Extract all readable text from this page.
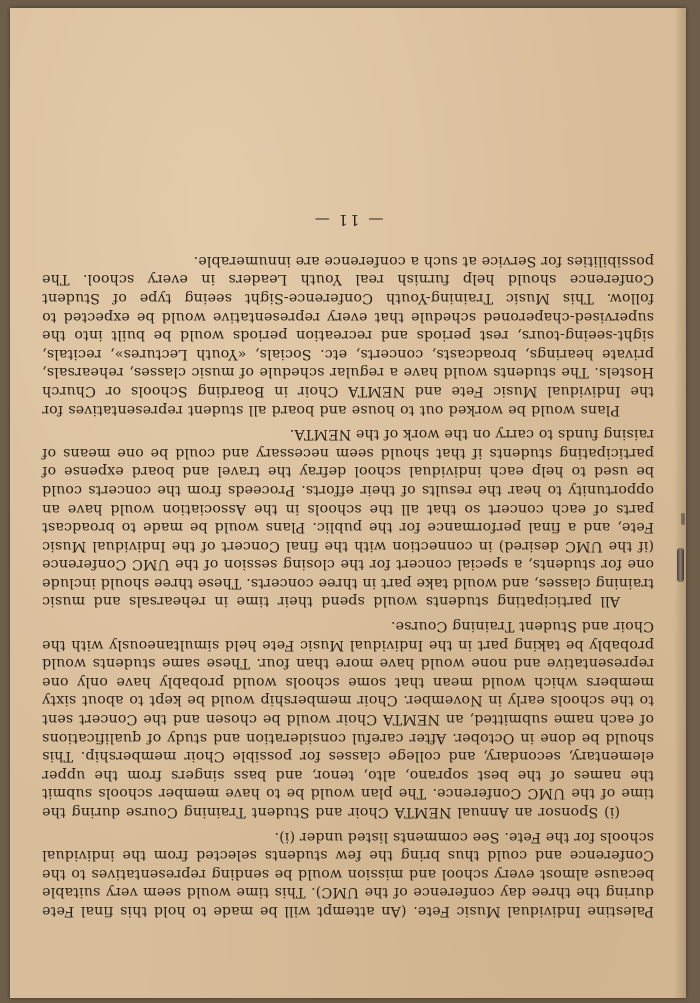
Palestine Individual Music Fete. (An attempt will be made to hold this final Fete during the three day conference of the UMC). This time would seem very suitable because almost every school and mission would be sending representatives to the Conference and could thus bring the few students selected from the individual schools for the Fete. See comments listed under (i).

(i) Sponsor an Annual NEMTA Choir and Student Training Course during the time of the UMC Conference. The plan would be to have member schools submit the names of the best soprano, alto, tenor, and bass singers from the upper elementary, secondary, and college classes for possible Choir membership. This should be done in October. After careful consideration and study of qualifications of each name submitted, an NEMTA Choir would be chosen and the Concert sent to the schools early in November. Choir membership would be kept to about sixty members which would mean that some schools would probably have only one representative and none would have more than four. These same students would probably be taking part in the Individual Music Fete held simultaneously with the Choir and Student Training Course.

All participating students would spend their time in rehearsals and music training classes, and would take part in three concerts. These three should include one for students, a special concert for the closing session of the UMC Conference (if the UMC desired) in connection with the final Concert of the Individual Music Fete, and a final performance for the public. Plans would be made to broadcast parts of each concert so that all the schools in the Association would have an opportunity to hear the results of their efforts. Proceeds from the concerts could be used to help each individual school defray the travel and board expense of participating students if that should seem necessary and could be one means of raising funds to carry on the work of the NEMTA.

Plans would be worked out to house and board all student representatives for the Individual Music Fete and NEMTA Choir in Boarding Schools or Church Hostels. The students would have a regular schedule of music classes, rehearsals, private hearings, broadcasts, concerts, etc. Socials, «Youth Lectures», recitals, sight-seeing-tours, rest periods and recreation periods would be built into the supervised-chaperoned schedule that every representative would be expected to follow. This Music Training-Youth Conference-Sight seeing type of Student Conference should help furnish real Youth Leaders in every school. The possibilities for Service at such a conference are innumerable.

— 11 —
